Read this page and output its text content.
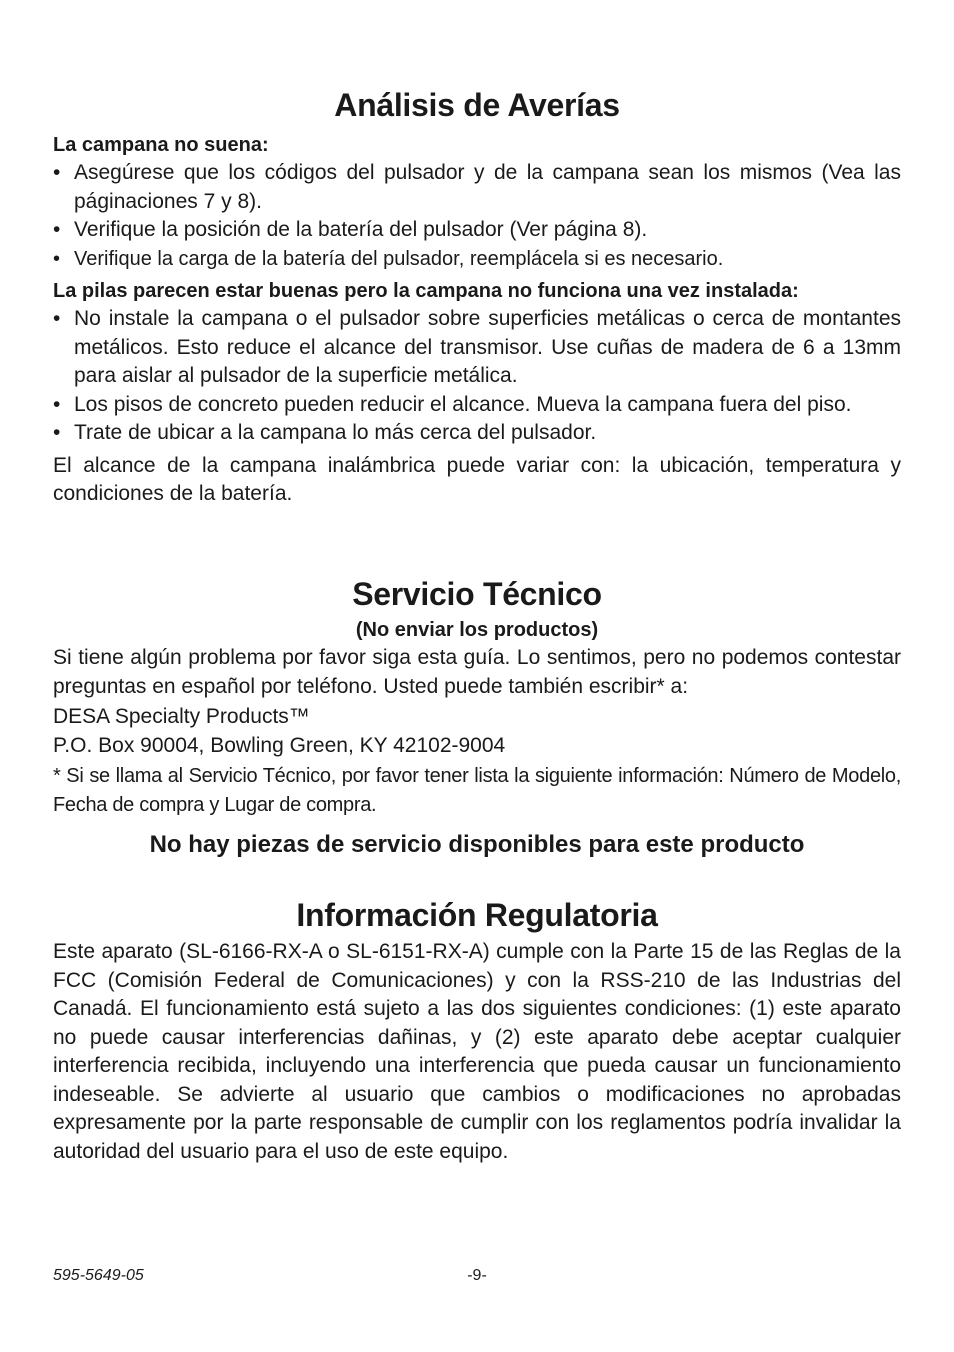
Análisis de Averías

La campana no suena:

• Asegúrese que los códigos del pulsador y de la campana sean los mismos (Vea las páginaciones 7 y 8).
• Verifique la posición de la batería del pulsador (Ver página 8).
• Verifique la carga de la batería del pulsador, reemplácela si es necesario.

La pilas parecen estar buenas pero la campana no funciona una vez instalada:

• No instale la campana o el pulsador sobre superficies metálicas o cerca de montantes metálicos. Esto reduce el alcance del transmisor. Use cuñas de madera de 6 a 13mm para aislar al pulsador de la superficie metálica.
• Los pisos de concreto pueden reducir el alcance. Mueva la campana fuera del piso.
• Trate de ubicar a la campana lo más cerca del pulsador.

El alcance de la campana inalámbrica puede variar con: la ubicación, temperatura y condiciones de la batería.

Servicio Técnico

(No enviar los productos)

Si tiene algún problema por favor siga esta guía. Lo sentimos, pero no podemos contestar preguntas en español por teléfono. Usted puede también escribir* a:

DESA Specialty Products™

P.O. Box 90004, Bowling Green, KY 42102-9004

* Si se llama al Servicio Técnico, por favor tener lista la siguiente información: Número de Modelo, Fecha de compra y Lugar de compra.

No hay piezas de servicio disponibles para este producto

Información Regulatoria

Este aparato (SL-6166-RX-A o SL-6151-RX-A) cumple con la Parte 15 de las Reglas de la FCC (Comisión Federal de Comunicaciones) y con la RSS-210 de las Industrias del Canadá. El funcionamiento está sujeto a las dos siguientes condiciones: (1) este aparato no puede causar interferencias dañinas, y (2) este aparato debe aceptar cualquier interferencia recibida, incluyendo una interferencia que pueda causar un funcionamiento indeseable. Se advierte al usuario que cambios o modificaciones no aprobadas expresamente por la parte responsable de cumplir con los reglamentos podría invalidar la autoridad del usuario para el uso de este equipo.

595-5649-05	-9-
